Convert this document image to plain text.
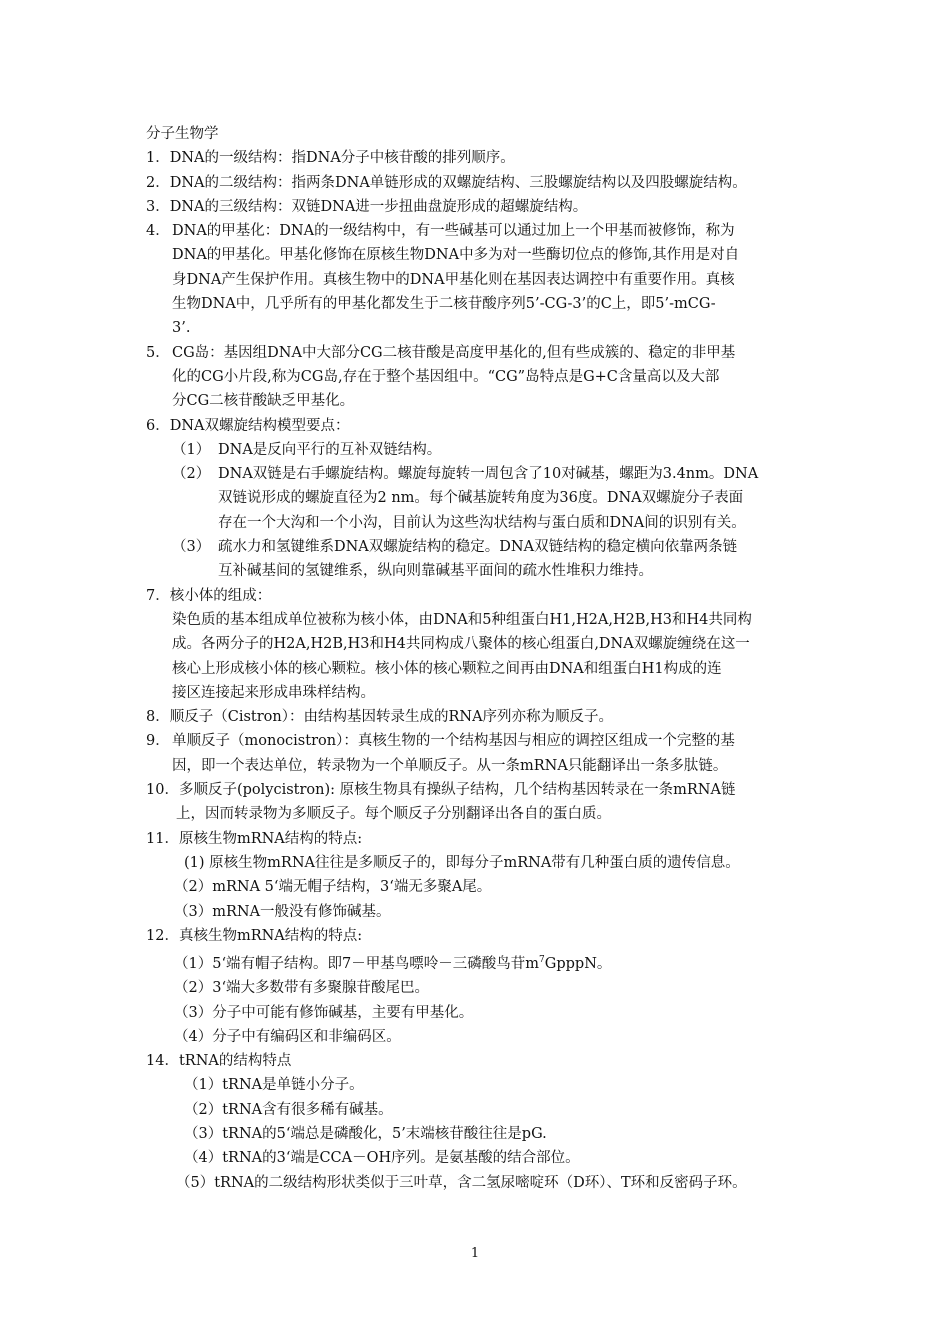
分子生物学
1．DNA的一级结构：指DNA分子中核苷酸的排列顺序。
2．DNA的二级结构：指两条DNA单链形成的双螺旋结构、三股螺旋结构以及四股螺旋结构。
3．DNA的三级结构：双链DNA进一步扭曲盘旋形成的超螺旋结构。
4． DNA的甲基化：DNA的一级结构中，有一些碱基可以通过加上一个甲基而被修饰，称为
DNA的甲基化。甲基化修饰在原核生物DNA中多为对一些酶切位点的修饰,其作用是对自
身DNA产生保护作用。真核生物中的DNA甲基化则在基因表达调控中有重要作用。真核
生物DNA中，几乎所有的甲基化都发生于二核苷酸序列5’-CG-3’的C上，即5’-mCG-
3’.
5． CG岛：基因组DNA中大部分CG二核苷酸是高度甲基化的,但有些成簇的、稳定的非甲基
化的CG小片段,称为CG岛,存在于整个基因组中。“CG”岛特点是G+C含量高以及大部
分CG二核苷酸缺乏甲基化。
6．DNA双螺旋结构模型要点：
（1） DNA是反向平行的互补双链结构。
（2） DNA双链是右手螺旋结构。螺旋每旋转一周包含了10对碱基，螺距为3.4nm。DNA
双链说形成的螺旋直径为2 nm。每个碱基旋转角度为36度。DNA双螺旋分子表面
存在一个大沟和一个小沟，目前认为这些沟状结构与蛋白质和DNA间的识别有关。
（3） 疏水力和氢键维系DNA双螺旋结构的稳定。DNA双链结构的稳定横向依靠两条链
互补碱基间的氢键维系，纵向则靠碱基平面间的疏水性堆积力维持。
7．核小体的组成：
染色质的基本组成单位被称为核小体，由DNA和5种组蛋白H1,H2A,H2B,H3和H4共同构
成。各两分子的H2A,H2B,H3和H4共同构成八聚体的核心组蛋白,DNA双螺旋缠绕在这一
核心上形成核小体的核心颗粒。核小体的核心颗粒之间再由DNA和组蛋白H1构成的连
接区连接起来形成串珠样结构。
8．顺反子（Cistron）：由结构基因转录生成的RNA序列亦称为顺反子。
9． 单顺反子（monocistron）：真核生物的一个结构基因与相应的调控区组成一个完整的基
因，即一个表达单位，转录物为一个单顺反子。从一条mRNA只能翻译出一条多肽链。
10．多顺反子(polycistron): 原核生物具有操纵子结构，几个结构基因转录在一条mRNA链
上，因而转录物为多顺反子。每个顺反子分别翻译出各自的蛋白质。
11．原核生物mRNA结构的特点:
(1) 原核生物mRNA往往是多顺反子的，即每分子mRNA带有几种蛋白质的遗传信息。
（2）mRNA 5‘端无帽子结构，3‘端无多聚A尾。
（3）mRNA一般没有修饰碱基。
12．真核生物mRNA结构的特点:
（1）5‘端有帽子结构。即7－甲基鸟嘌呤－三磷酸鸟苷$m^7GpppN$。
（2）3‘端大多数带有多聚腺苷酸尾巴。
（3）分子中可能有修饰碱基，主要有甲基化。
（4）分子中有编码区和非编码区。
14．tRNA的结构特点
（1）tRNA是单链小分子。
（2）tRNA含有很多稀有碱基。
（3）tRNA的5‘端总是磷酸化，5’末端核苷酸往往是pG.
（4）tRNA的3‘端是CCA－OH序列。是氨基酸的结合部位。
（5）tRNA的二级结构形状类似于三叶草，含二氢尿嘧啶环（D环）、T环和反密码子环。
1
